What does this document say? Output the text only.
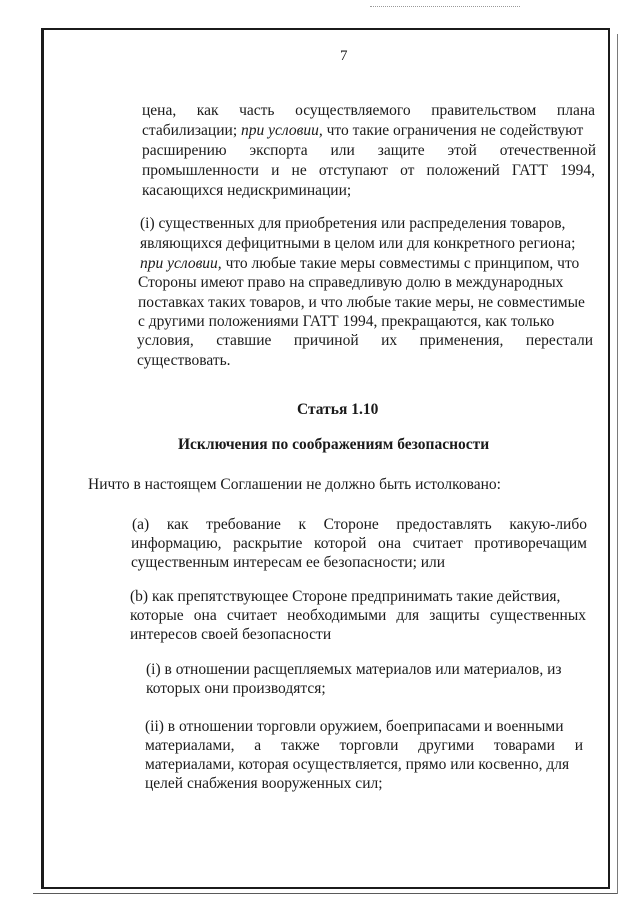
7
цена, как часть осуществляемого правительством плана
стабилизации; при условии, что такие ограничения не содействуют
расширению экспорта или защите этой отечественной
промышленности и не отступают от положений ГАТТ 1994,
касающихся недискриминации;
(i) существенных для приобретения или распределения товаров,
являющихся дефицитными в целом или для конкретного региона;
при условии, что любые такие меры совместимы с принципом, что
Стороны имеют право на справедливую долю в международных
поставках таких товаров, и что любые такие меры, не совместимые
с другими положениями ГАТТ 1994, прекращаются, как только
условия, ставшие причиной их применения, перестали
существовать.
Статья 1.10
Исключения по соображениям безопасности
Ничто в настоящем Соглашении не должно быть истолковано:
(а) как требование к Стороне предоставлять какую-либо
информацию, раскрытие которой она считает противоречащим
существенным интересам ее безопасности; или
(b) как препятствующее Стороне предпринимать такие действия,
которые она считает необходимыми для защиты существенных
интересов своей безопасности
(i) в отношении расщепляемых материалов или материалов, из
которых они производятся;
(ii) в отношении торговли оружием, боеприпасами и военными
материалами, а также торговли другими товарами и
материалами, которая осуществляется, прямо или косвенно, для
целей снабжения вооруженных сил;
